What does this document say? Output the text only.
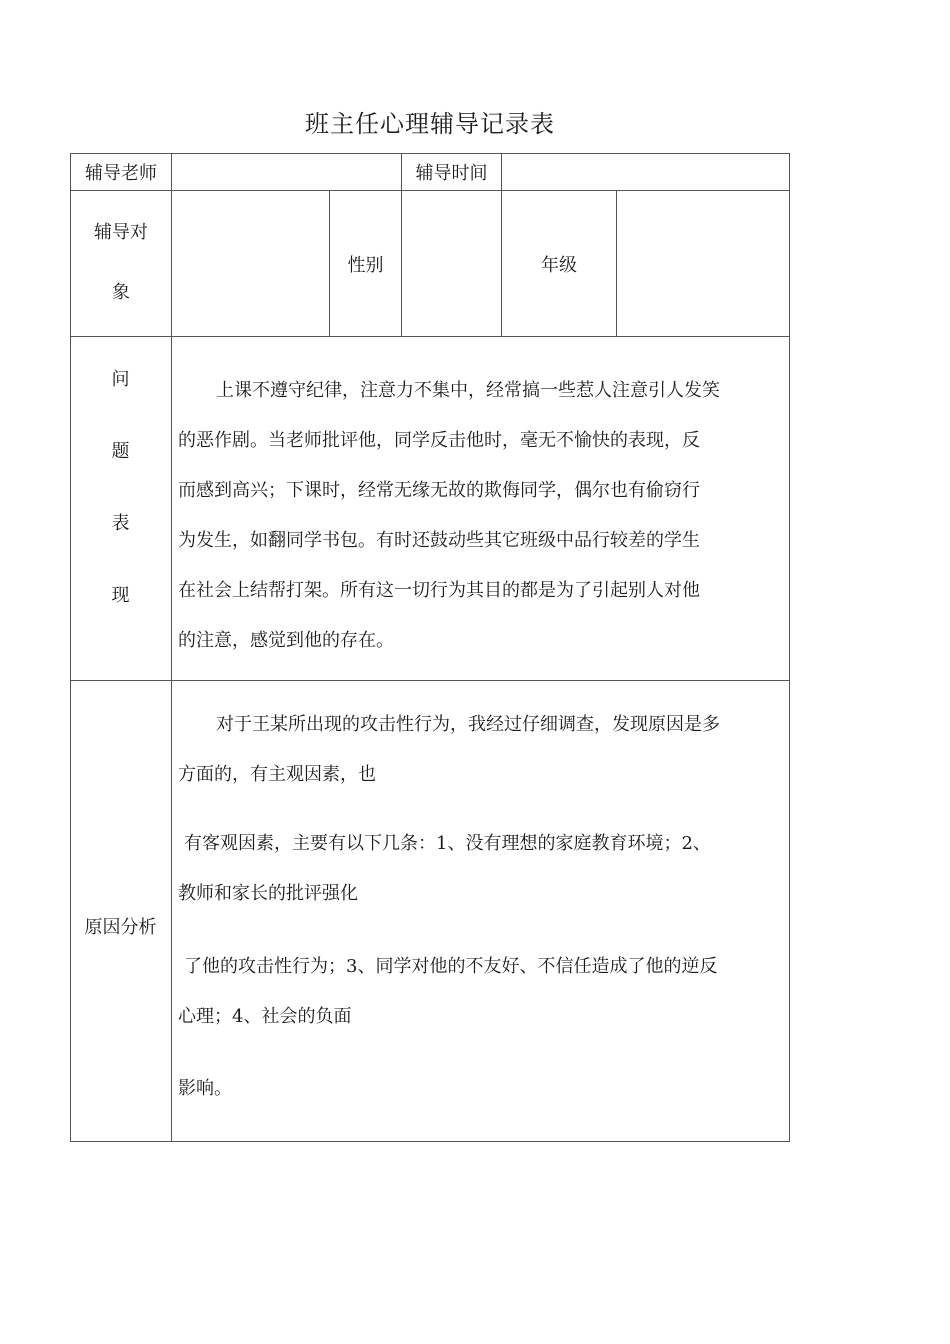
班主任心理辅导记录表
辅导老师	辅导时间
辅导对
象
性别	年级
问
题
表
现
上课不遵守纪律，注意力不集中，经常搞一些惹人注意引人发笑
的恶作剧。当老师批评他，同学反击他时，毫无不愉快的表现，反
而感到高兴；下课时，经常无缘无故的欺侮同学，偶尔也有偷窃行
为发生，如翻同学书包。有时还鼓动些其它班级中品行较差的学生
在社会上结帮打架。所有这一切行为其目的都是为了引起别人对他
的注意，感觉到他的存在。
原因分析
对于王某所出现的攻击性行为，我经过仔细调查，发现原因是多
方面的，有主观因素，也
有客观因素，主要有以下几条：1、没有理想的家庭教育环境；2、
教师和家长的批评强化
了他的攻击性行为；3、同学对他的不友好、不信任造成了他的逆反
心理；4、社会的负面
影响。
